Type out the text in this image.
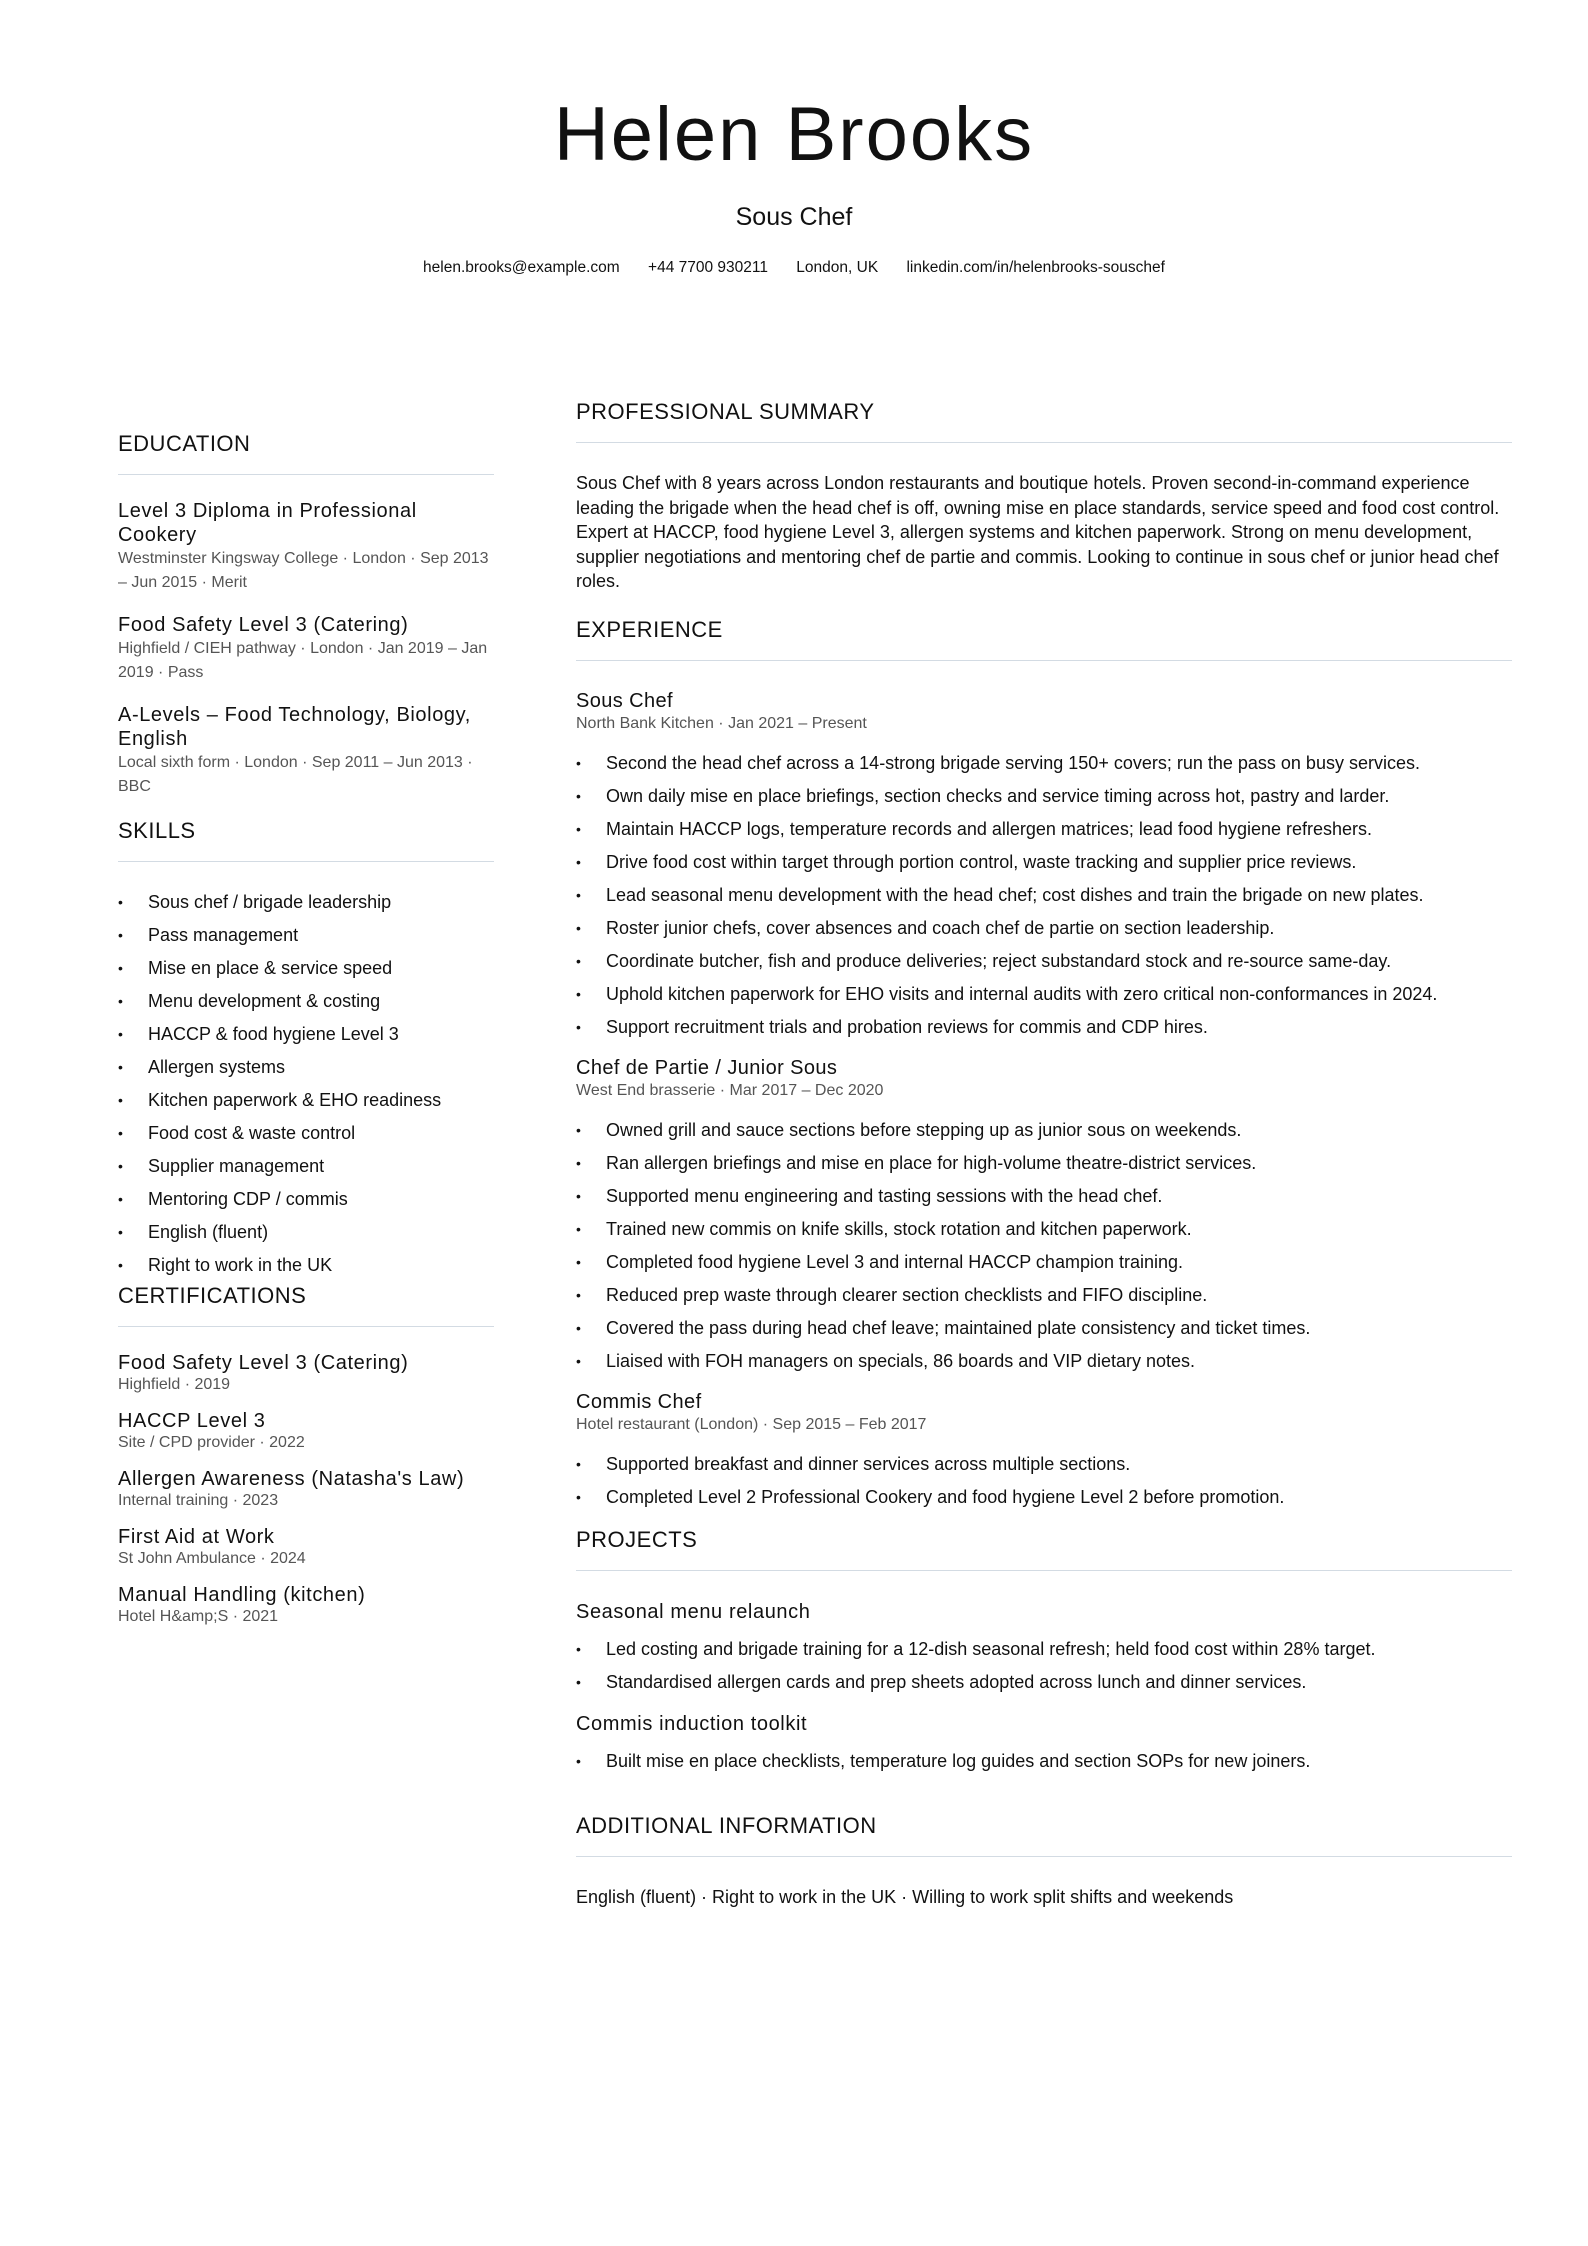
Helen Brooks
Sous Chef
helen.brooks@example.com +44 7700 930211 London, UK linkedin.com/in/helenbrooks-souschef
EDUCATION
Level 3 Diploma in Professional Cookery
Westminster Kingsway College · London · Sep 2013 – Jun 2015 · Merit
Food Safety Level 3 (Catering)
Highfield / CIEH pathway · London · Jan 2019 – Jan 2019 · Pass
A-Levels – Food Technology, Biology, English
Local sixth form · London · Sep 2011 – Jun 2013 · BBC
SKILLS
• Sous chef / brigade leadership
• Pass management
• Mise en place & service speed
• Menu development & costing
• HACCP & food hygiene Level 3
• Allergen systems
• Kitchen paperwork & EHO readiness
• Food cost & waste control
• Supplier management
• Mentoring CDP / commis
• English (fluent)
• Right to work in the UK
CERTIFICATIONS
Food Safety Level 3 (Catering)
Highfield · 2019
HACCP Level 3
Site / CPD provider · 2022
Allergen Awareness (Natasha's Law)
Internal training · 2023
First Aid at Work
St John Ambulance · 2024
Manual Handling (kitchen)
Hotel H&amp;S · 2021
PROFESSIONAL SUMMARY
Sous Chef with 8 years across London restaurants and boutique hotels. Proven second-in-command experience leading the brigade when the head chef is off, owning mise en place standards, service speed and food cost control. Expert at HACCP, food hygiene Level 3, allergen systems and kitchen paperwork. Strong on menu development, supplier negotiations and mentoring chef de partie and commis. Looking to continue in sous chef or junior head chef roles.
EXPERIENCE
Sous Chef
North Bank Kitchen · Jan 2021 – Present
• Second the head chef across a 14-strong brigade serving 150+ covers; run the pass on busy services.
• Own daily mise en place briefings, section checks and service timing across hot, pastry and larder.
• Maintain HACCP logs, temperature records and allergen matrices; lead food hygiene refreshers.
• Drive food cost within target through portion control, waste tracking and supplier price reviews.
• Lead seasonal menu development with the head chef; cost dishes and train the brigade on new plates.
• Roster junior chefs, cover absences and coach chef de partie on section leadership.
• Coordinate butcher, fish and produce deliveries; reject substandard stock and re-source same-day.
• Uphold kitchen paperwork for EHO visits and internal audits with zero critical non-conformances in 2024.
• Support recruitment trials and probation reviews for commis and CDP hires.
Chef de Partie / Junior Sous
West End brasserie · Mar 2017 – Dec 2020
• Owned grill and sauce sections before stepping up as junior sous on weekends.
• Ran allergen briefings and mise en place for high-volume theatre-district services.
• Supported menu engineering and tasting sessions with the head chef.
• Trained new commis on knife skills, stock rotation and kitchen paperwork.
• Completed food hygiene Level 3 and internal HACCP champion training.
• Reduced prep waste through clearer section checklists and FIFO discipline.
• Covered the pass during head chef leave; maintained plate consistency and ticket times.
• Liaised with FOH managers on specials, 86 boards and VIP dietary notes.
Commis Chef
Hotel restaurant (London) · Sep 2015 – Feb 2017
• Supported breakfast and dinner services across multiple sections.
• Completed Level 2 Professional Cookery and food hygiene Level 2 before promotion.
PROJECTS
Seasonal menu relaunch
• Led costing and brigade training for a 12-dish seasonal refresh; held food cost within 28% target.
• Standardised allergen cards and prep sheets adopted across lunch and dinner services.
Commis induction toolkit
• Built mise en place checklists, temperature log guides and section SOPs for new joiners.
ADDITIONAL INFORMATION
English (fluent) · Right to work in the UK · Willing to work split shifts and weekends
